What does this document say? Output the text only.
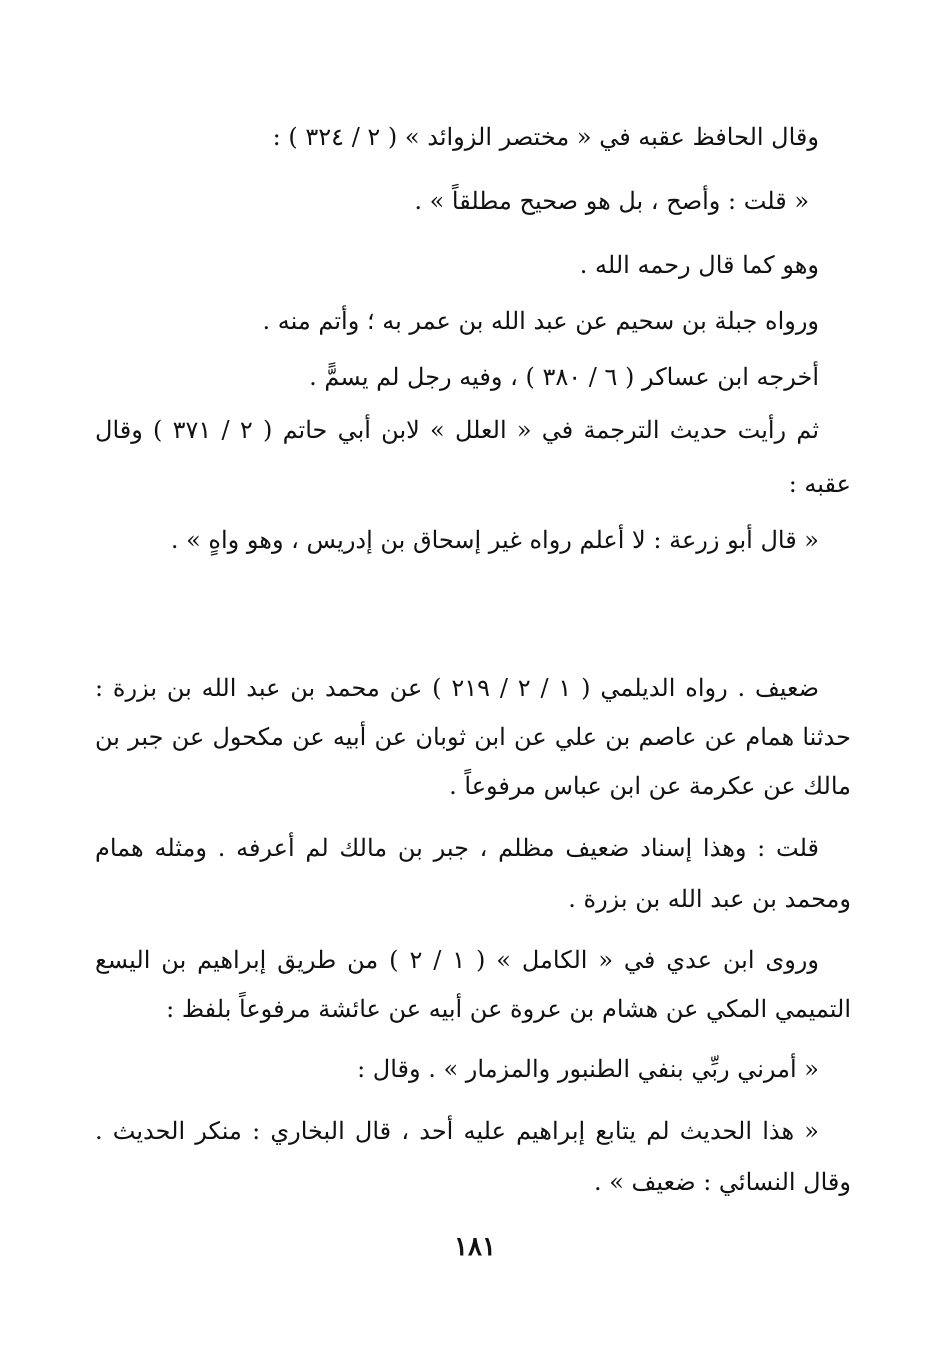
وقال الحافظ عقبه في « مختصر الزوائد » ( ٢ / ٣٢٤ ) :
« قلت : وأصح ، بل هو صحيح مطلقاً » .
وهو كما قال رحمه الله .
ورواه جبلة بن سحيم عن عبد الله بن عمر به ؛ وأتم منه .
أخرجه ابن عساكر ( ٦ / ٣٨٠ ) ، وفيه رجل لم يسمًّ .
ثم رأيت حديث الترجمة في « العلل » لابن أبي حاتم ( ٢ / ٣٧١ ) وقال
عقبه :
« قال أبو زرعة : لا أعلم رواه غير إسحاق بن إدريس ، وهو واهٍ » .
ضعيف . رواه الديلمي ( ١ / ٢ / ٢١٩ ) عن محمد بن عبد الله بن بزرة :
حدثنا همام عن عاصم بن علي عن ابن ثوبان عن أبيه عن مكحول عن جبر بن
مالك عن عكرمة عن ابن عباس مرفوعاً .
قلت : وهذا إسناد ضعيف مظلم ، جبر بن مالك لم أعرفه . ومثله همام
ومحمد بن عبد الله بن بزرة .
وروى ابن عدي في « الكامل » ( ١ / ٢ ) من طريق إبراهيم بن اليسع
التميمي المكي عن هشام بن عروة عن أبيه عن عائشة مرفوعاً بلفظ :
« أمرني ربِّي بنفي الطنبور والمزمار » . وقال :
« هذا الحديث لم يتابع إبراهيم عليه أحد ، قال البخاري : منكر الحديث .
وقال النسائي : ضعيف » .
١٨١
